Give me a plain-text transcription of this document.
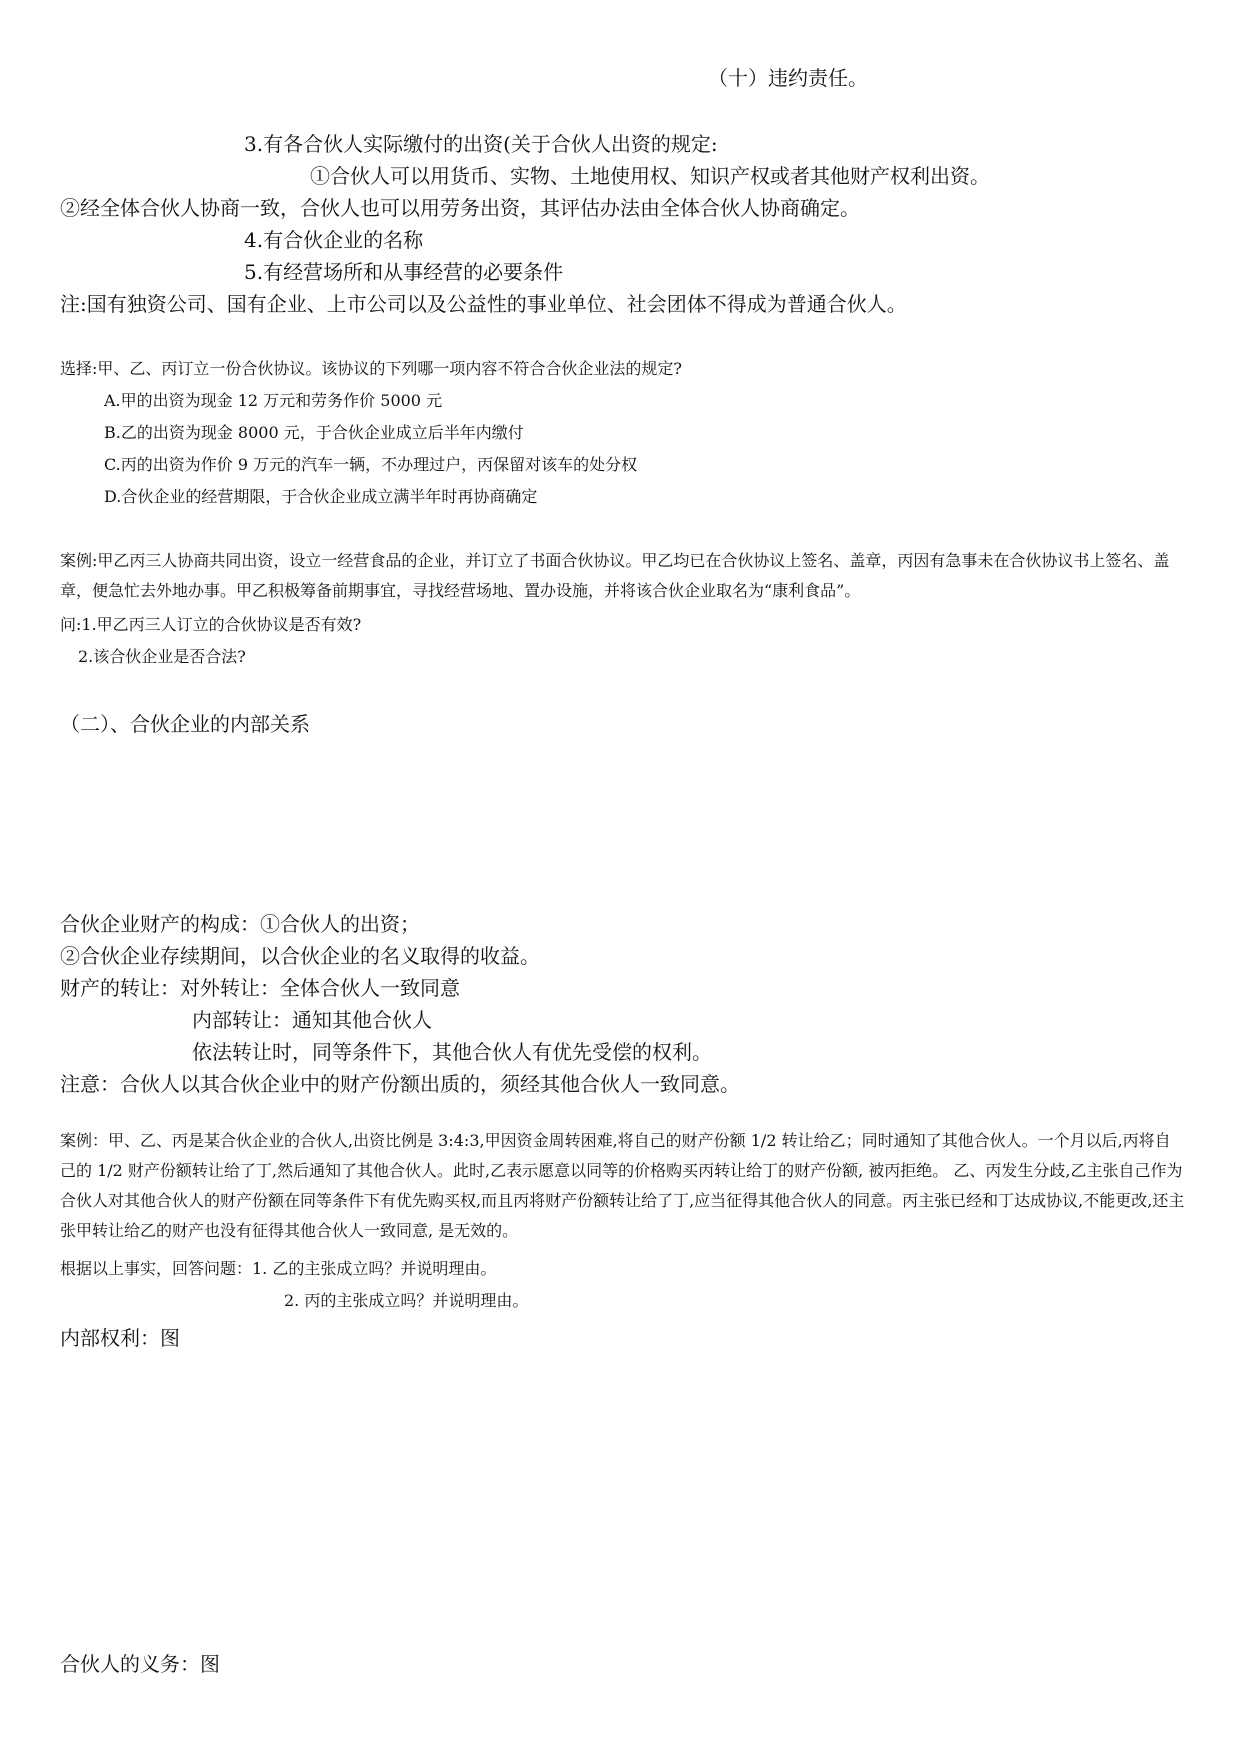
（十）违约责任。
3.有各合伙人实际缴付的出资(关于合伙人出资的规定:
①合伙人可以用货币、实物、土地使用权、知识产权或者其他财产权利出资。
②经全体合伙人协商一致，合伙人也可以用劳务出资，其评估办法由全体合伙人协商确定。
4.有合伙企业的名称
5.有经营场所和从事经营的必要条件
注:国有独资公司、国有企业、上市公司以及公益性的事业单位、社会团体不得成为普通合伙人。
选择:甲、乙、丙订立一份合伙协议。该协议的下列哪一项内容不符合合伙企业法的规定?
A.甲的出资为现金 12 万元和劳务作价 5000 元
B.乙的出资为现金 8000 元，于合伙企业成立后半年内缴付
C.丙的出资为作价 9 万元的汽车一辆，不办理过户，丙保留对该车的处分权
D.合伙企业的经营期限，于合伙企业成立满半年时再协商确定
案例:甲乙丙三人协商共同出资，设立一经营食品的企业，并订立了书面合伙协议。甲乙均已在合伙协议上签名、盖章，丙因有急事未在合伙协议书上签名、盖章，便急忙去外地办事。甲乙积极筹备前期事宜，寻找经营场地、置办设施，并将该合伙企业取名为“康利食品”。
问:1.甲乙丙三人订立的合伙协议是否有效?
2.该合伙企业是否合法?
（二）、合伙企业的内部关系
合伙企业财产的构成：①合伙人的出资；
②合伙企业存续期间，以合伙企业的名义取得的收益。
财产的转让：对外转让：全体合伙人一致同意
内部转让：通知其他合伙人
依法转让时，同等条件下，其他合伙人有优先受偿的权利。
注意：合伙人以其合伙企业中的财产份额出质的，须经其他合伙人一致同意。
案例：甲、乙、丙是某合伙企业的合伙人,出资比例是 3:4:3,甲因资金周转困难,将自己的财产份额 1/2 转让给乙；同时通知了其他合伙人。一个月以后,丙将自己的 1/2 财产份额转让给了丁,然后通知了其他合伙人。此时,乙表示愿意以同等的价格购买丙转让给丁的财产份额, 被丙拒绝。 乙、丙发生分歧,乙主张自己作为合伙人对其他合伙人的财产份额在同等条件下有优先购买权,而且丙将财产份额转让给了丁,应当征得其他合伙人的同意。丙主张已经和丁达成协议,不能更改,还主张甲转让给乙的财产也没有征得其他合伙人一致同意, 是无效的。
根据以上事实，回答问题：1. 乙的主张成立吗？并说明理由。
2. 丙的主张成立吗？并说明理由。
内部权利：图
合伙人的义务：图
